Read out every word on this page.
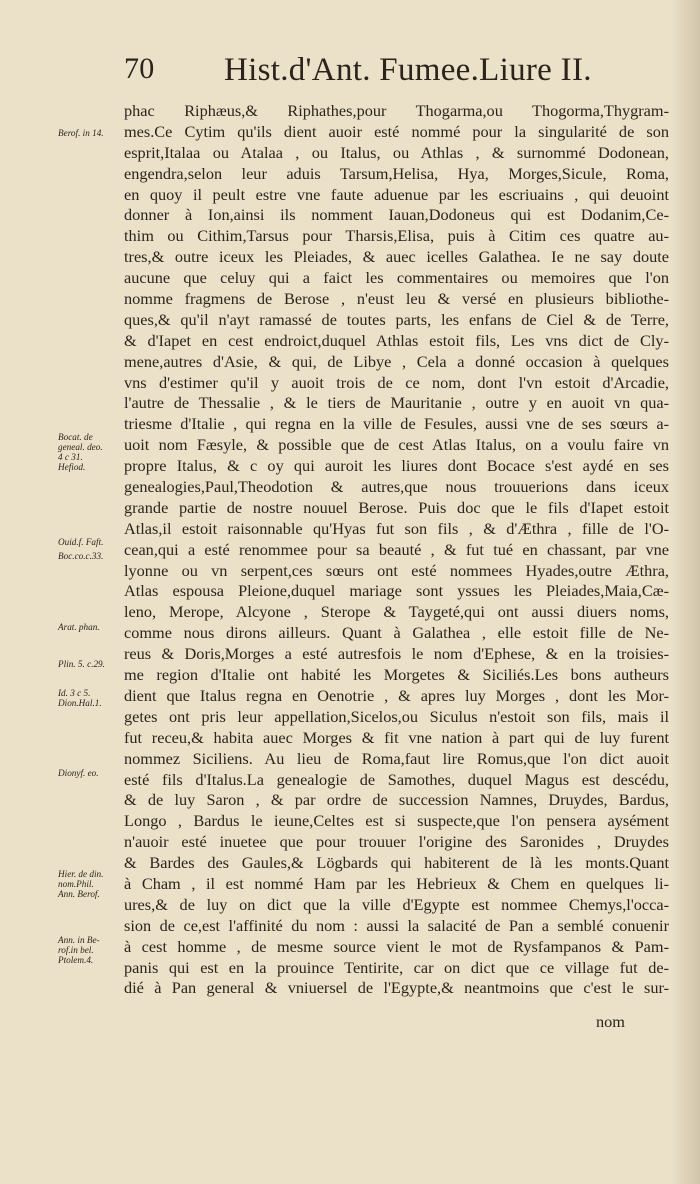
70 Hist.d'Ant. Fumee.Liure II.
phac Riphæus,& Riphathes,pour Thogarma,ou Thogorma,Thygram-
mes.Ce Cytim qu'ils dient auoir esté nommé pour la singularité de son
esprit,Italaa ou Atalaa , ou Italus, ou Athlas , & surnommé Dodonean,
engendra,selon leur aduis Tarsum,Helisa, Hya, Morges,Sicule, Roma,
en quoy il peult estre vne faute aduenue par les escriuains , qui deuoint
donner à Ion,ainsi ils nomment Iauan,Dodoneus qui est Dodanim,Ce-
thim ou Cithim,Tarsus pour Tharsis,Elisa, puis à Citim ces quatre au-
tres,& outre iceux les Pleiades, & auec icelles Galathea. Ie ne say doute
aucune que celuy qui a faict les commentaires ou memoires que l'on
nomme fragmens de Berose , n'eust leu & versé en plusieurs bibliothe-
ques,& qu'il n'ayt ramassé de toutes parts, les enfans de Ciel & de Terre,
& d'Iapet en cest endroict,duquel Athlas estoit fils, Les vns dict de Cly-
mene,autres d'Asie, & qui, de Libye , Cela a donné occasion à quelques
vns d'estimer qu'il y auoit trois de ce nom, dont l'vn estoit d'Arcadie,
l'autre de Thessalie , & le tiers de Mauritanie , outre y en auoit vn qua-
triesme d'Italie , qui regna en la ville de Fesules, aussi vne de ses sœurs a-
uoit nom Fæsyle, & possible que de cest Atlas Italus, on a voulu faire vn
propre Italus, & c oy qui auroit les liures dont Bocace s'est aydé en ses
genealogies,Paul,Theodotion & autres,que nous trouuerions dans iceux
grande partie de nostre nouuel Berose. Puis doc que le fils d'Iapet estoit
Atlas,il estoit raisonnable qu'Hyas fut son fils , & d'Æthra , fille de l'O-
cean,qui a esté renommee pour sa beauté , & fut tué en chassant, par vne
lyonne ou vn serpent,ces sœurs ont esté nommees Hyades,outre Æthra,
Atlas espousa Pleione,duquel mariage sont yssues les Pleiades,Maia,Cæ-
leno, Merope, Alcyone , Sterope & Taygeté,qui ont aussi diuers noms,
comme nous dirons ailleurs. Quant à Galathea , elle estoit fille de Ne-
reus & Doris,Morges a esté autresfois le nom d'Ephese, & en la troisies-
me region d'Italie ont habité les Morgetes & Siciliés.Les bons autheurs
dient que Italus regna en Oenotrie , & apres luy Morges , dont les Mor-
getes ont pris leur appellation,Sicelos,ou Siculus n'estoit son fils, mais il
fut receu,& habita auec Morges & fit vne nation à part qui de luy furent
nommez Siciliens. Au lieu de Roma,faut lire Romus,que l'on dict auoit
esté fils d'Italus.La genealogie de Samothes, duquel Magus est descédu,
& de luy Saron , & par ordre de succession Namnes, Druydes, Bardus,
Longo , Bardus le ieune,Celtes est si suspecte,que l'on pensera aysément
n'auoir esté inuetee que pour trouuer l'origine des Saronides , Druydes
& Bardes des Gaules,& Lögbards qui habiterent de là les monts.Quant
à Cham , il est nommé Ham par les Hebrieux & Chem en quelques li-
ures,& de luy on dict que la ville d'Egypte est nommee Chemys,l'occa-
sion de ce,est l'affinité du nom : aussi la salacité de Pan a semblé conuenir
à cest homme , de mesme source vient le mot de Rysfampanos & Pam-
panis qui est en la prouince Tentirite, car on dict que ce village fut de-
dié à Pan general & vniuersel de l'Egypte,& neantmoins que c'est le sur-
nom
Berof. in 14.
Bocat. de
geneal. deo.
4 c 31.
Hefiod.
Ouid.f. Faft.
Boc.co.c.33.
Arat. phan.
Plin. 5. c.29.
Id. 3 c 5.
Dion.Hal.1.
Dionyf. eo.
Hier. de din.
nom.Phil.
Ann. Berof.
Ann. in Be-
rof.in bel.
Ptolem.4.
